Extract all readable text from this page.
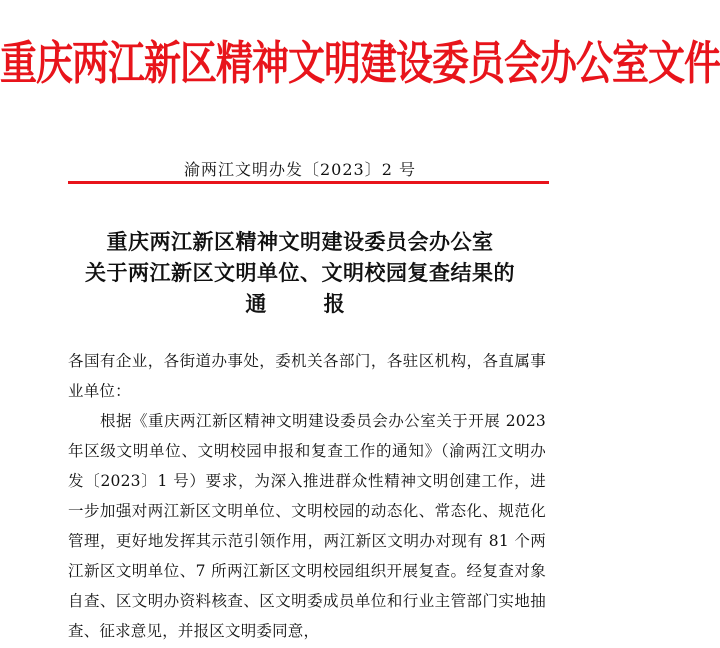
重庆两江新区精神文明建设委员会办公室文件
渝两江文明办发〔2023〕2 号
重庆两江新区精神文明建设委员会办公室
关于两江新区文明单位、文明校园复查结果的
通 报

各国有企业，各街道办事处，委机关各部门，各驻区机构，各直属事业单位：

根据《重庆两江新区精神文明建设委员会办公室关于开展 2023 年区级文明单位、文明校园申报和复查工作的通知》（渝两江文明办发〔2023〕1 号）要求，为深入推进群众性精神文明创建工作，进一步加强对两江新区文明单位、文明校园的动态化、常态化、规范化管理，更好地发挥其示范引领作用，两江新区文明办对现有 81 个两江新区文明单位、7 所两江新区文明校园组织开展复查。经复查对象自查、区文明办资料核查、区文明委成员单位和行业主管部门实地抽查、征求意见，并报区文明委同意，
